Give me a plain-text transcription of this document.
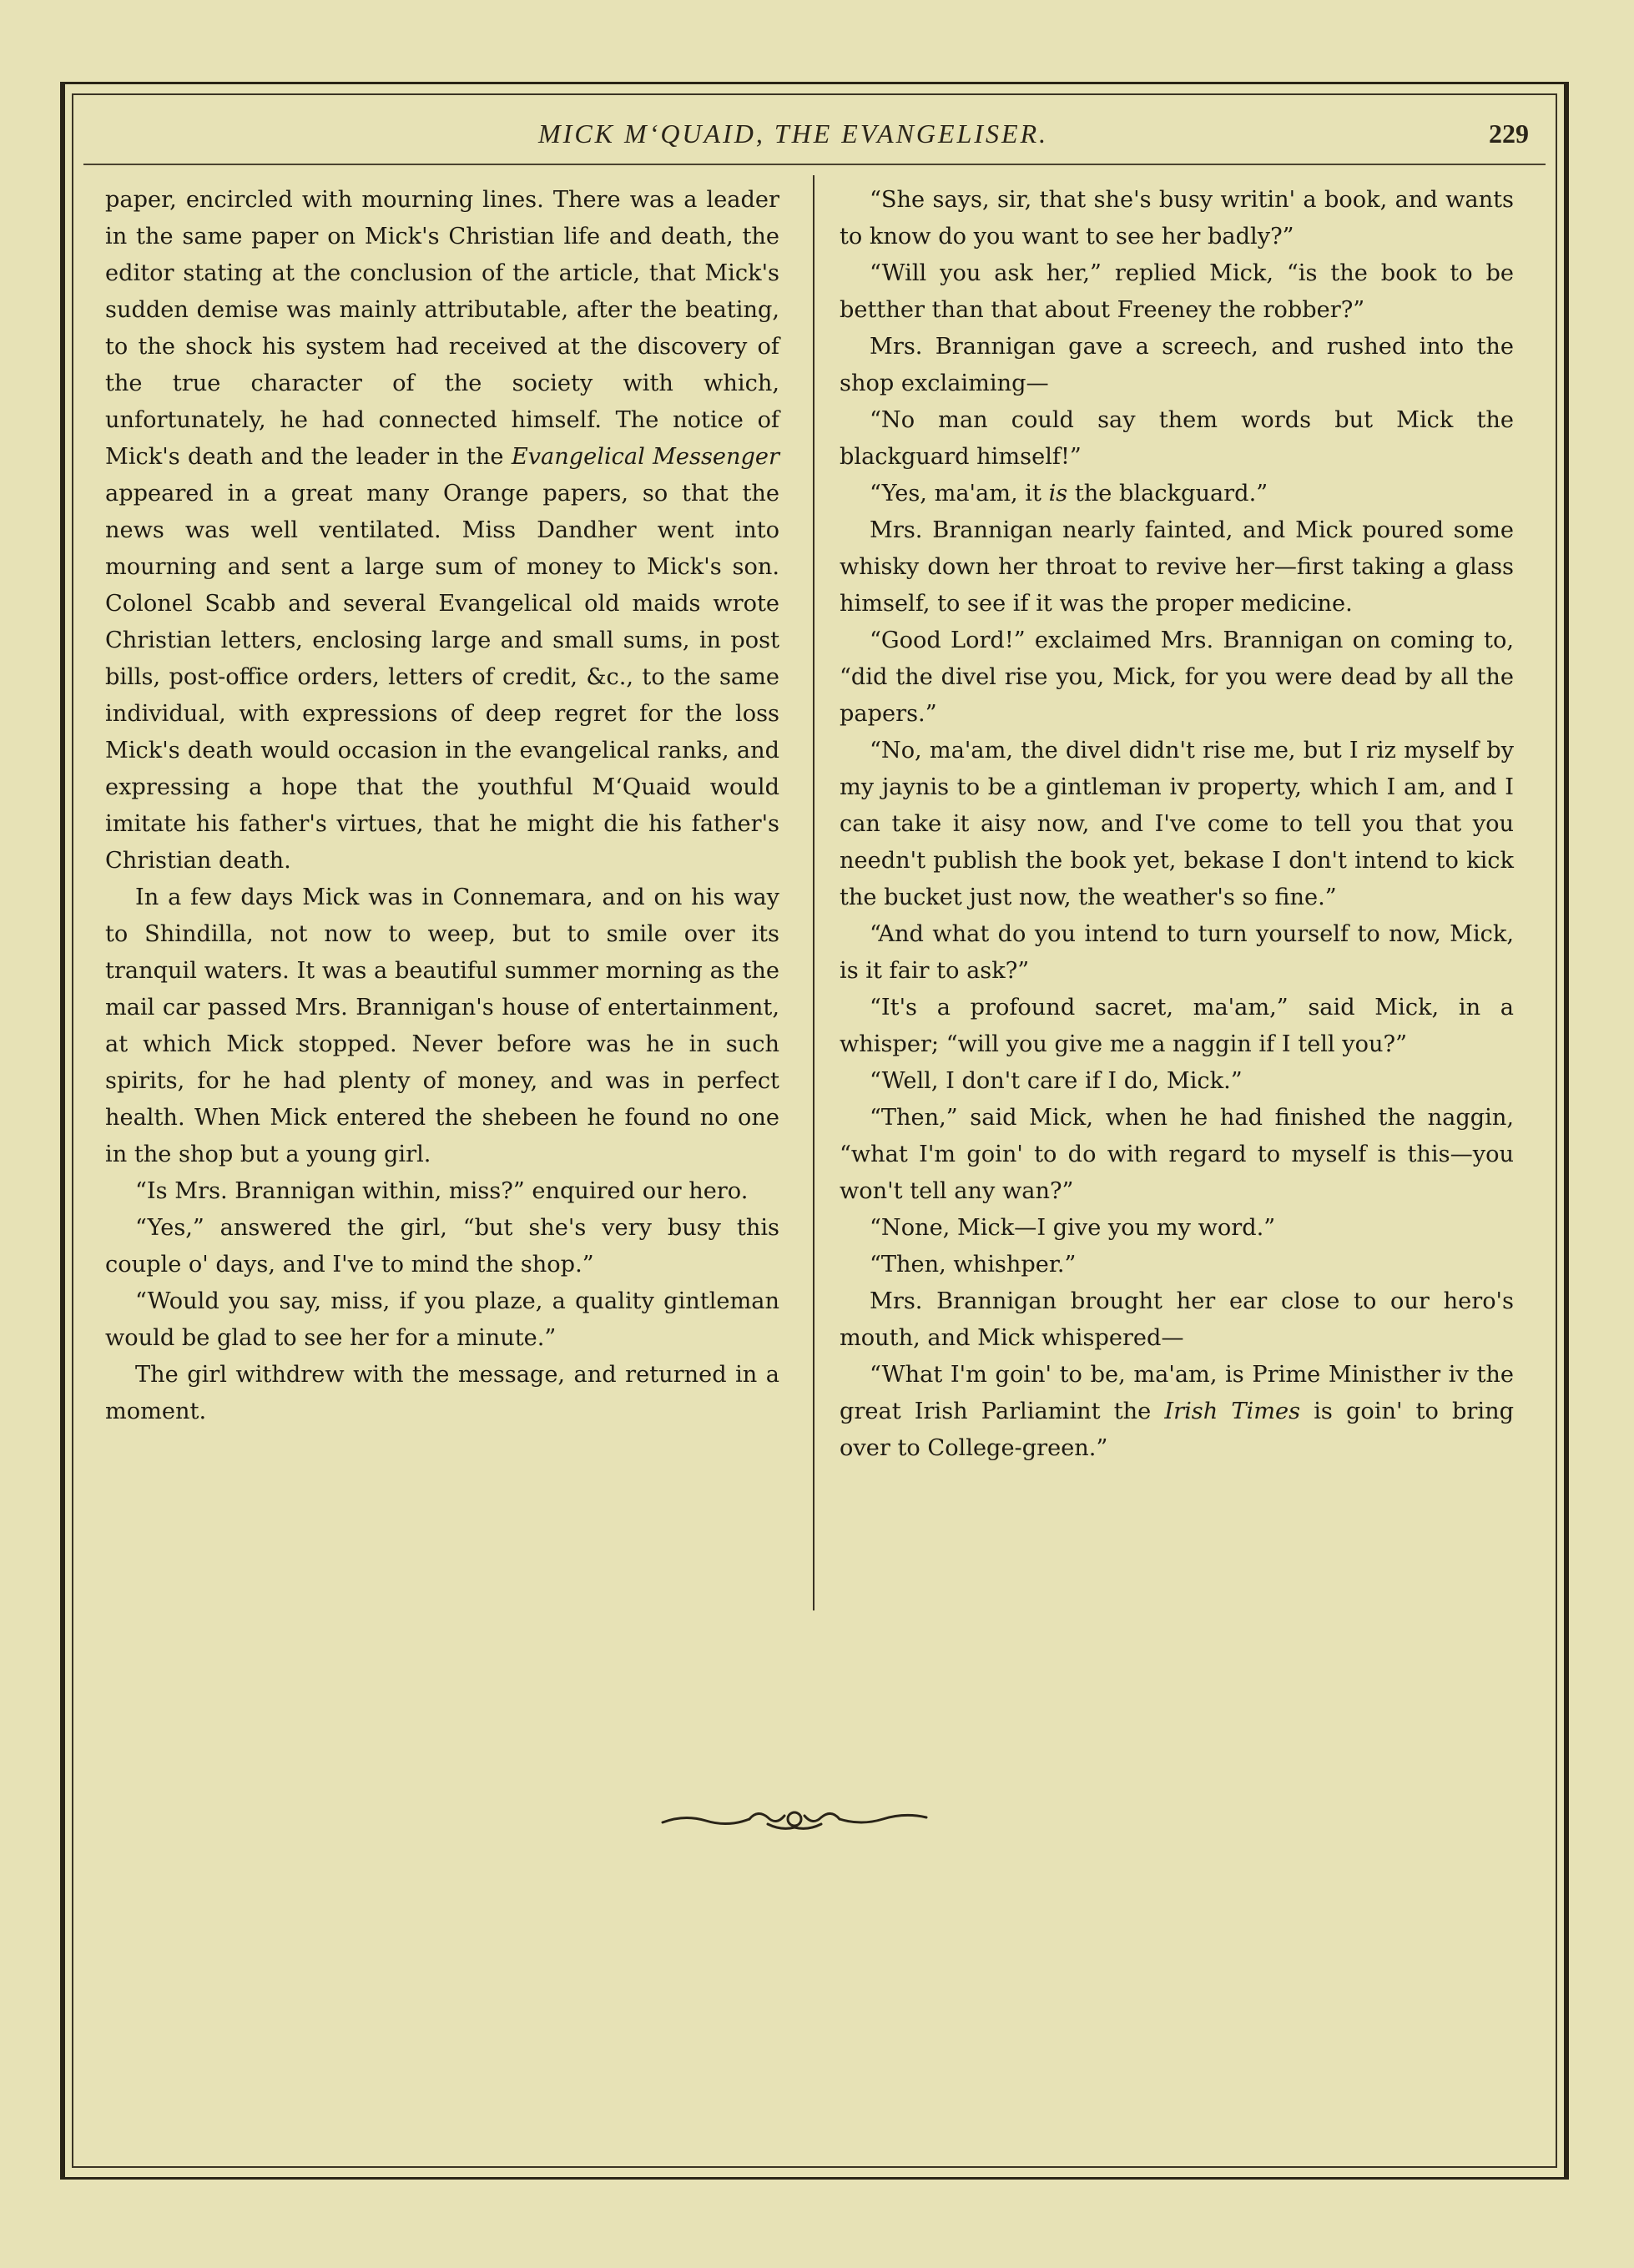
MICK M‘QUAID, THE EVANGELISER.	229

paper, encircled with mourning lines. There was a leader in the same paper on Mick's Christian life and death, the editor stating at the conclusion of the article, that Mick's sudden demise was mainly attributable, after the beating, to the shock his system had received at the discovery of the true character of the society with which, unfortunately, he had connected himself. The notice of Mick's death and the leader in the Evangelical Messenger appeared in a great many Orange papers, so that the news was well ventilated. Miss Dandher went into mourning and sent a large sum of money to Mick's son. Colonel Scabb and several Evangelical old maids wrote Christian letters, enclosing large and small sums, in post bills, post-office orders, letters of credit, &c., to the same individual, with expressions of deep regret for the loss Mick's death would occasion in the evangelical ranks, and expressing a hope that the youthful M‘Quaid would imitate his father's virtues, that he might die his father's Christian death.

In a few days Mick was in Connemara, and on his way to Shindilla, not now to weep, but to smile over its tranquil waters. It was a beautiful summer morning as the mail car passed Mrs. Brannigan's house of entertainment, at which Mick stopped. Never before was he in such spirits, for he had plenty of money, and was in perfect health. When Mick entered the shebeen he found no one in the shop but a young girl.

“Is Mrs. Brannigan within, miss?” enquired our hero.

“Yes,” answered the girl, “but she's very busy this couple o' days, and I've to mind the shop.”

“Would you say, miss, if you plaze, a quality gintleman would be glad to see her for a minute.”

The girl withdrew with the message, and returned in a moment.

“She says, sir, that she's busy writin' a book, and wants to know do you want to see her badly?”

“Will you ask her,” replied Mick, “is the book to be betther than that about Freeney the robber?”

Mrs. Brannigan gave a screech, and rushed into the shop exclaiming—

“No man could say them words but Mick the blackguard himself!”

“Yes, ma'am, it is the blackguard.”

Mrs. Brannigan nearly fainted, and Mick poured some whisky down her throat to revive her—first taking a glass himself, to see if it was the proper medicine.

“Good Lord!” exclaimed Mrs. Brannigan on coming to, “did the divel rise you, Mick, for you were dead by all the papers.”

“No, ma'am, the divel didn't rise me, but I riz myself by my jaynis to be a gintleman iv property, which I am, and I can take it aisy now, and I've come to tell you that you needn't publish the book yet, bekase I don't intend to kick the bucket just now, the weather's so fine.”

“And what do you intend to turn yourself to now, Mick, is it fair to ask?”

“It's a profound sacret, ma'am,” said Mick, in a whisper; “will you give me a naggin if I tell you?”

“Well, I don't care if I do, Mick.”

“Then,” said Mick, when he had finished the naggin, “what I'm goin' to do with regard to myself is this—you won't tell any wan?”

“None, Mick—I give you my word.”

“Then, whishper.”

Mrs. Brannigan brought her ear close to our hero's mouth, and Mick whispered—

“What I'm goin' to be, ma'am, is Prime Ministher iv the great Irish Parliamint the Irish Times is goin' to bring over to College-green.”
